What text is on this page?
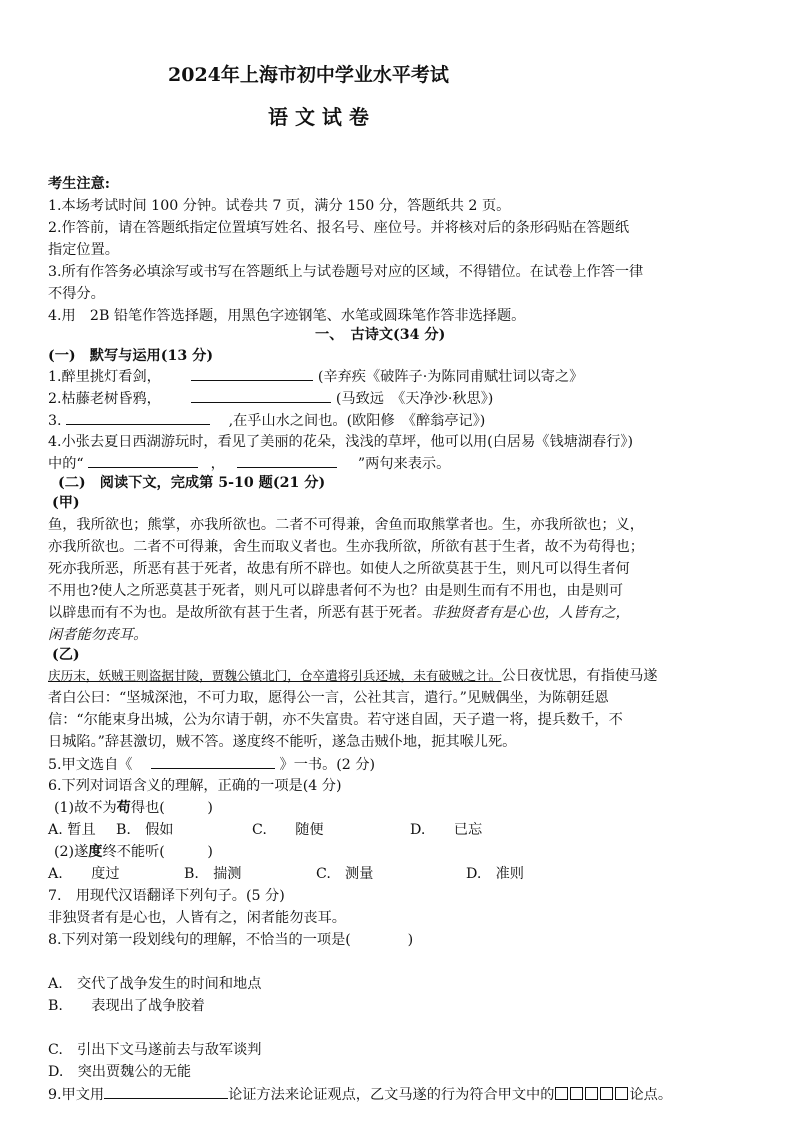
2024年上海市初中学业水平考试
语 文 试 卷
考生注意:
1.本场考试时间 100 分钟。试卷共 7 页，满分 150 分，答题纸共 2 页。
2.作答前，请在答题纸指定位置填写姓名、报名号、座位号。并将核对后的条形码贴在答题纸
指定位置。
3.所有作答务必填涂写或书写在答题纸上与试卷题号对应的区域，不得错位。在试卷上作答一律
不得分。
4.用　2B 铅笔作答选择题，用黑色字迹钢笔、水笔或圆珠笔作答非选择题。
一、　古诗文(34 分)
(一)　默写与运用(13 分)
1.醉里挑灯看剑，	(辛弃疾《破阵子·为陈同甫赋壮词以寄之》
2.枯藤老树昏鸦，	(马致远　《天净沙·秋思》)
3.	,在乎山水之间也。(欧阳修　《醉翁亭记》)
4.小张去夏日西湖游玩时，看见了美丽的花朵，浅浅的草坪，他可以用(白居易《钱塘湖春行》)
中的“	，	”两句来表示。
(二)　阅读下文，完成第 5-10 题(21 分)
(甲)
鱼，我所欲也；熊掌，亦我所欲也。二者不可得兼，舍鱼而取熊掌者也。生，亦我所欲也；义，
亦我所欲也。二者不可得兼，舍生而取义者也。生亦我所欲，所欲有甚于生者，故不为苟得也；
死亦我所恶，所恶有甚于死者，故患有所不辟也。如使人之所欲莫甚于生，则凡可以得生者何
不用也?使人之所恶莫甚于死者，则凡可以辟患者何不为也？由是则生而有不用也，由是则可
以辟患而有不为也。是故所欲有甚于生者，所恶有甚于死者。非独贤者有是心也，人皆有之，
闲者能勿丧耳。
(乙)
庆历末，妖贼王则盗据甘陵，贾魏公镇北门，仓卒遣将引兵还城，未有破贼之计。公日夜忧思，有指使马遂
者白公曰：“坚城深池，不可力取，愿得公一言，公社其言，遣行。”见贼偶坐，为陈朝廷恩
信：“尔能束身出城，公为尔请于朝，亦不失富贵。若守迷自固，天子遣一将，提兵数千，不
日城陷。”辞甚激切，贼不答。遂度终不能听，遂急击贼仆地，扼其喉儿死。
5.甲文选自《	》一书。(2 分)
6.下列对词语含义的理解，正确的一项是(4 分)
(1)故不为苟得也(　　　)
A. 暂且 B.　假如	C.　　随便	D.　　已忘
(2)遂度终不能听(　　　)
A.　　度过	B.　揣测	C.　测量	D.　准则
7.　用现代汉语翻译下列句子。(5 分)
非独贤者有是心也，人皆有之，闲者能勿丧耳。
8.下列对第一段划线句的理解，不恰当的一项是(　　　　)
A.　交代了战争发生的时间和地点
B.　　表现出了战争胶着
C.　引出下文马遂前去与敌军谈判
D.　突出贾魏公的无能
9.甲文用	论证方法来论证观点，乙文马遂的行为符合甲文中的	论点。
